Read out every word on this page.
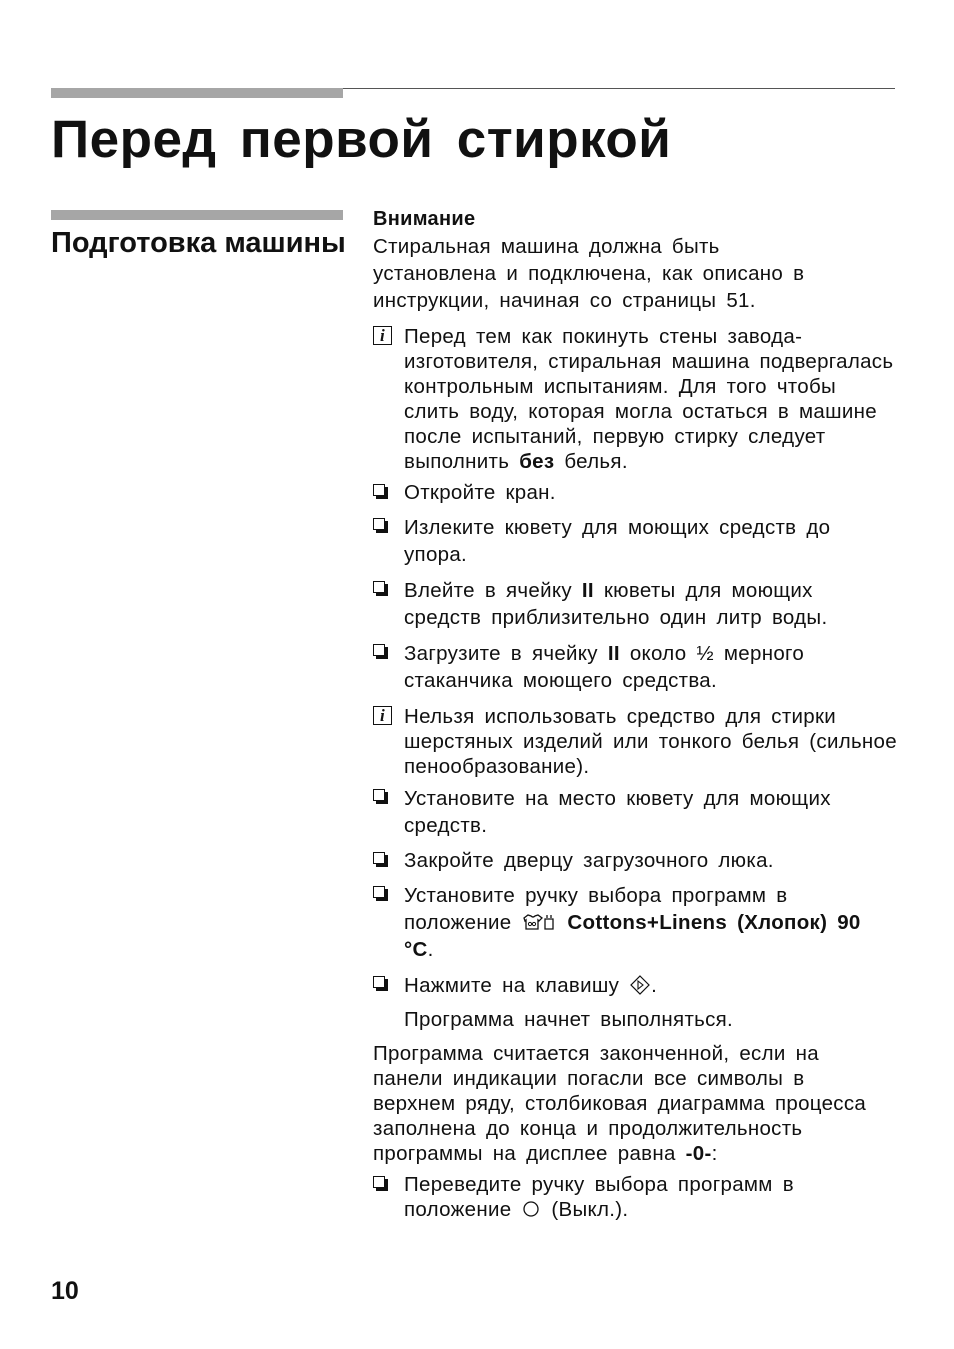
Перед первой стиркой
Подготовка машины

Внимание

Стиральная машина должна быть установлена и подключена, как описано в инструкции, начиная со страницы 51.

i Перед тем как покинуть стены завода-изготовителя, стиральная машина подвергалась контрольным испытаниям. Для того чтобы слить воду, которая могла остаться в машине после испытаний, первую стирку следует выполнить без белья.
Откройте кран.
Излеките кювету для моющих средств до упора.
Влейте в ячейку II кюветы для моющих средств приблизительно один литр воды.
Загрузите в ячейку II около ½ мерного стаканчика моющего средства.
i Нельзя использовать средство для стирки шерстяных изделий или тонкого белья (сильное пенообразование).
Установите на место кювету для моющих средств.
Закройте дверцу загрузочного люка.
Установите ручку выбора программ в положение  Cottons+Linens (Хлопок) 90 °C.
Нажмите на клавишу .
Программа начнет выполняться.

Программа считается законченной, если на панели индикации погасли все символы в верхнем ряду, столбиковая диаграмма процесса заполнена до конца и продолжительность программы на дисплее равна -0-:

Переведите ручку выбора программ в положение  (Выкл.).

10
